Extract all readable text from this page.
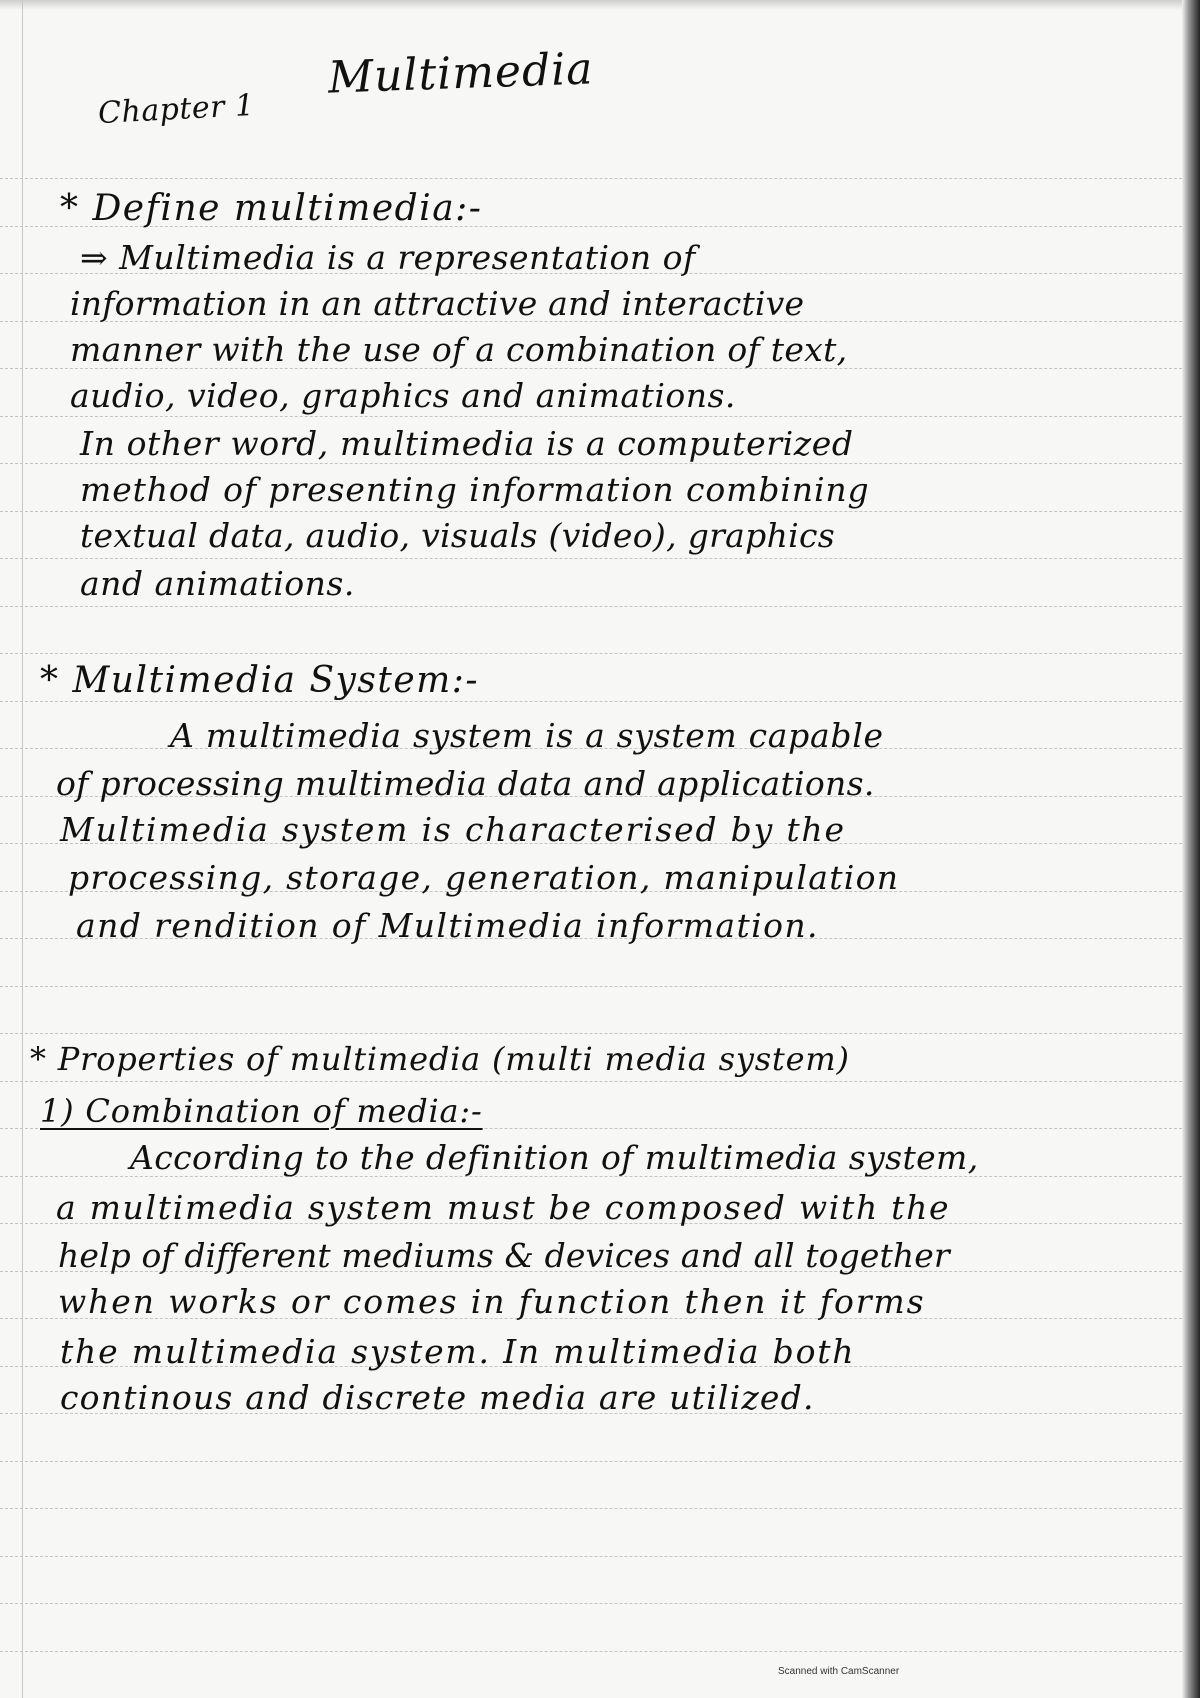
Multimedia
Chapter 1
* Define multimedia:-
⇒ Multimedia is a representation of
information in an attractive and interactive
manner with the use of a combination of text,
audio, video, graphics and animations.
In other word, multimedia is a computerized
method of presenting information combining
textual data, audio, visuals (video), graphics
and animations.
* Multimedia System:-
A multimedia system is a system capable
of processing multimedia data and applications.
Multimedia system is characterised by the
processing, storage, generation, manipulation
and rendition of Multimedia information.
* Properties of multimedia (multi media system)
1) Combination of media:-
According to the definition of multimedia system,
a multimedia system must be composed with the
help of different mediums & devices and all together
when works or comes in function then it forms
the multimedia system. In multimedia both
continous and discrete media are utilized.
Scanned with CamScanner
